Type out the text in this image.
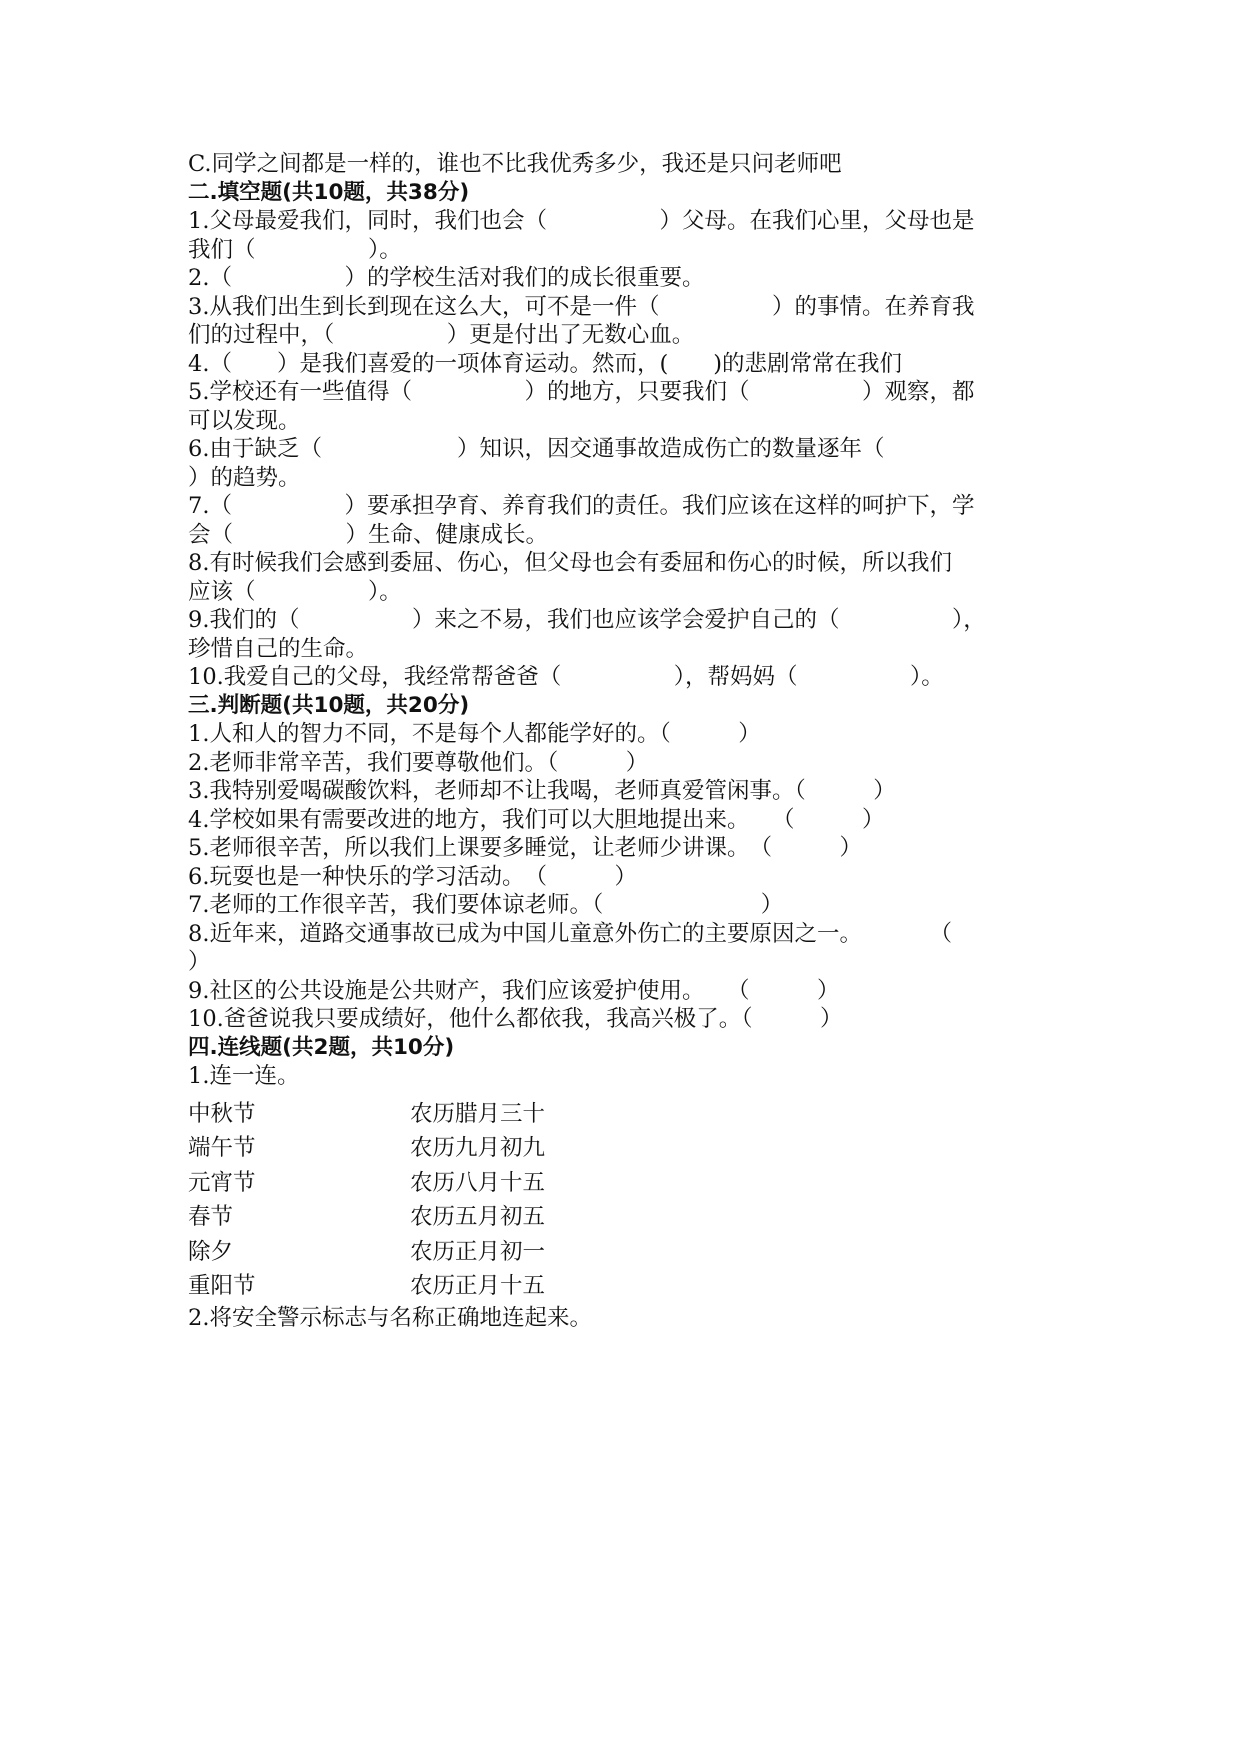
C.同学之间都是一样的，谁也不比我优秀多少，我还是只问老师吧
二.填空题(共10题，共38分)
1.父母最爱我们，同时，我们也会（　　　　　）父母。在我们心里，父母也是
我们（　　　　　）。
2.（　　　　　）的学校生活对我们的成长很重要。
3.从我们出生到长到现在这么大，可不是一件（　　　　　）的事情。在养育我
们的过程中，（　　　　　）更是付出了无数心血。
4.（　　）是我们喜爱的一项体育运动。然而，(　　)的悲剧常常在我们
5.学校还有一些值得（　　　　　）的地方，只要我们（　　　　　）观察，都
可以发现。
6.由于缺乏（　　　　　　）知识，因交通事故造成伤亡的数量逐年（
）的趋势。
7.（　　　　　）要承担孕育、养育我们的责任。我们应该在这样的呵护下，学
会（　　　　　）生命、健康成长。
8.有时候我们会感到委屈、伤心，但父母也会有委屈和伤心的时候，所以我们
应该（　　　　　）。
9.我们的（　　　　　）来之不易，我们也应该学会爱护自己的（　　　　　），
珍惜自己的生命。
10.我爱自己的父母，我经常帮爸爸（　　　　　），帮妈妈（　　　　　）。
三.判断题(共10题，共20分)
1.人和人的智力不同，不是每个人都能学好的。（　　　）
2.老师非常辛苦，我们要尊敬他们。（　　　）
3.我特别爱喝碳酸饮料，老师却不让我喝，老师真爱管闲事。（　　　）
4.学校如果有需要改进的地方，我们可以大胆地提出来。　　（　　　）
5.老师很辛苦，所以我们上课要多睡觉，让老师少讲课。　（　　　）
6.玩耍也是一种快乐的学习活动。　（　　　）
7.老师的工作很辛苦，我们要体谅老师。（　　　　　　　）
8.近年来，道路交通事故已成为中国儿童意外伤亡的主要原因之一。　　　　（
）
9.社区的公共设施是公共财产，我们应该爱护使用。　　（　　　）
10.爸爸说我只要成绩好，他什么都依我，我高兴极了。（　　　）
四.连线题(共2题，共10分)
1.连一连。
中秋节	农历腊月三十
端午节	农历九月初九
元宵节	农历八月十五
春节	农历五月初五
除夕	农历正月初一
重阳节	农历正月十五
2.将安全警示标志与名称正确地连起来。
